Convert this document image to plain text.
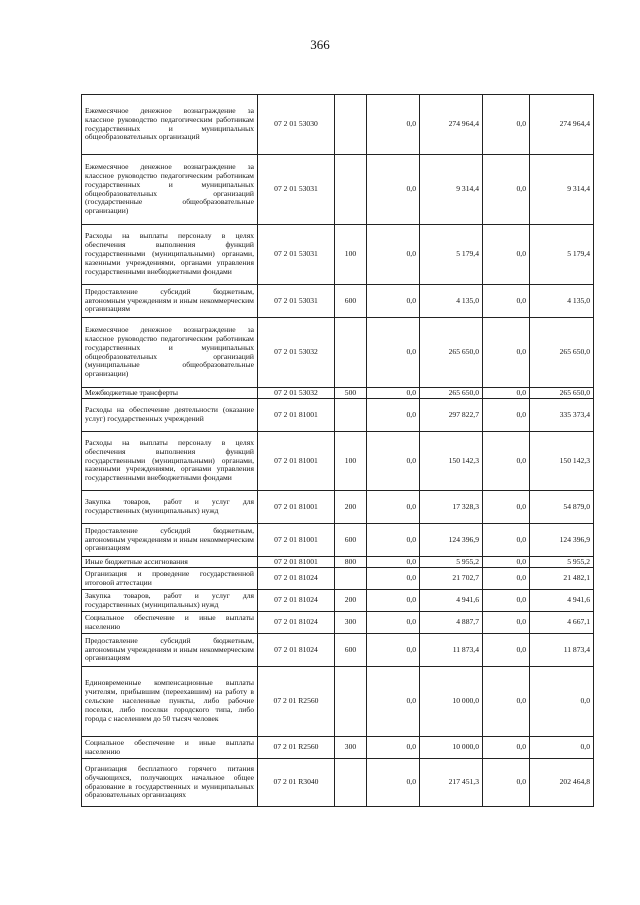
366
Ежемесячное денежное вознаграждение за классное руководство педагогическим работникам государственных и муниципальных общеобразовательных организаций	07 2 01 53030		0,0	274 964,4	0,0	274 964,4
Ежемесячное денежное вознаграждение за классное руководство педагогическим работникам государственных и муниципальных общеобразовательных организаций (государственные общеобразовательные организации)	07 2 01 53031		0,0	9 314,4	0,0	9 314,4
Расходы на выплаты персоналу в целях обеспечения выполнения функций государственными (муниципальными) органами, казенными учреждениями, органами управления государственными внебюджетными фондами	07 2 01 53031	100	0,0	5 179,4	0,0	5 179,4
Предоставление субсидий бюджетным, автономным учреждениям и иным некоммерческим организациям	07 2 01 53031	600	0,0	4 135,0	0,0	4 135,0
Ежемесячное денежное вознаграждение за классное руководство педагогическим работникам государственных и муниципальных общеобразовательных организаций (муниципальные общеобразовательные организации)	07 2 01 53032		0,0	265 650,0	0,0	265 650,0
Межбюджетные трансферты	07 2 01 53032	500	0,0	265 650,0	0,0	265 650,0
Расходы на обеспечение деятельности (оказание услуг) государственных учреждений	07 2 01 81001		0,0	297 822,7	0,0	335 373,4
Расходы на выплаты персоналу в целях обеспечения выполнения функций государственными (муниципальными) органами, казенными учреждениями, органами управления государственными внебюджетными фондами	07 2 01 81001	100	0,0	150 142,3	0,0	150 142,3
Закупка товаров, работ и услуг для государственных (муниципальных) нужд	07 2 01 81001	200	0,0	17 328,3	0,0	54 879,0
Предоставление субсидий бюджетным, автономным учреждениям и иным некоммерческим организациям	07 2 01 81001	600	0,0	124 396,9	0,0	124 396,9
Иные бюджетные ассигнования	07 2 01 81001	800	0,0	5 955,2	0,0	5 955,2
Организация и проведение государственной итоговой аттестации	07 2 01 81024		0,0	21 702,7	0,0	21 482,1
Закупка товаров, работ и услуг для государственных (муниципальных) нужд	07 2 01 81024	200	0,0	4 941,6	0,0	4 941,6
Социальное обеспечение и иные выплаты населению	07 2 01 81024	300	0,0	4 887,7	0,0	4 667,1
Предоставление субсидий бюджетным, автономным учреждениям и иным некоммерческим организациям	07 2 01 81024	600	0,0	11 873,4	0,0	11 873,4
Единовременные компенсационные выплаты учителям, прибывшим (переехавшим) на работу в сельские населенные пункты, либо рабочие поселки, либо поселки городского типа, либо города с населением до 50 тысяч человек	07 2 01 R2560		0,0	10 000,0	0,0	0,0
Социальное обеспечение и иные выплаты населению	07 2 01 R2560	300	0,0	10 000,0	0,0	0,0
Организация бесплатного горячего питания обучающихся, получающих начальное общее образование в государственных и муниципальных образовательных организациях	07 2 01 R3040		0,0	217 451,3	0,0	202 464,8
